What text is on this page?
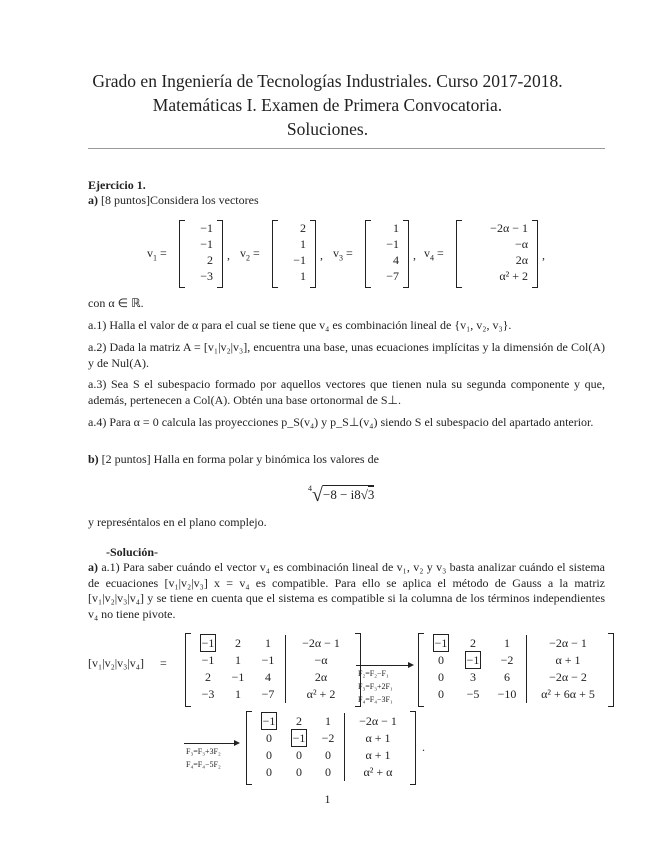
Grado en Ingeniería de Tecnologías Industriales. Curso 2017-2018.
Matemáticas I. Examen de Primera Convocatoria.
Soluciones.
Ejercicio 1.
a) [8 puntos]Considera los vectores
$v_1$ =
−1
−1
2
−3
, $v_2$ =
2
1
−1
1
, $v_3$ =
1
−1
4
−7
, $v_4$ =
−2α − 1
−α
2α
α² + 2
,
con α ∈ ℝ.
a.1) Halla el valor de α para el cual se tiene que v₄ es combinación lineal de {v₁, v₂, v₃}.
a.2) Dada la matriz A = [v₁|v₂|v₃], encuentra una base, unas ecuaciones implícitas y la dimensión de Col(A) y de Nul(A).
a.3) Sea S el subespacio formado por aquellos vectores que tienen nula su segunda componente y que, además, pertenecen a Col(A). Obtén una base ortonormal de S⊥.
a.4) Para α = 0 calcula las proyecciones p_S(v₄) y p_S⊥(v₄) siendo S el subespacio del apartado anterior.
b) [2 puntos] Halla en forma polar y binómica los valores de
$^4$√−8 − i8√3
y represéntalos en el plano complejo.
-Solución-
a) a.1) Para saber cuándo el vector v₄ es combinación lineal de v₁, v₂ y v₃ basta analizar cuándo el sistema de ecuaciones [v₁|v₂|v₃] x = v₄ es compatible. Para ello se aplica el método de Gauss a la matriz [v₁|v₂|v₃|v₄] y se tiene en cuenta que el sistema es compatible si la columna de los términos independientes v₄ no tiene pivote.
[v₁|v₂|v₃|v₄] =
−1	2	1	−2α − 1
−1	1	−1	−α
2	−1	4	2α
−3	1	−7	α² + 2
F₂=F₂−F₁
F₃=F₃+2F₁
F₄=F₄−3F₁
−1	2	1	−2α − 1
0	−1	−2	α + 1
0	3	6	−2α − 2
0	−5	−10	α² + 6α + 5
F₃=F₃+3F₂
F₄=F₄−5F₂
−1	2	1	−2α − 1
0	−1	−2	α + 1
0	0	0	α + 1
0	0	0	α² + α
.
1
